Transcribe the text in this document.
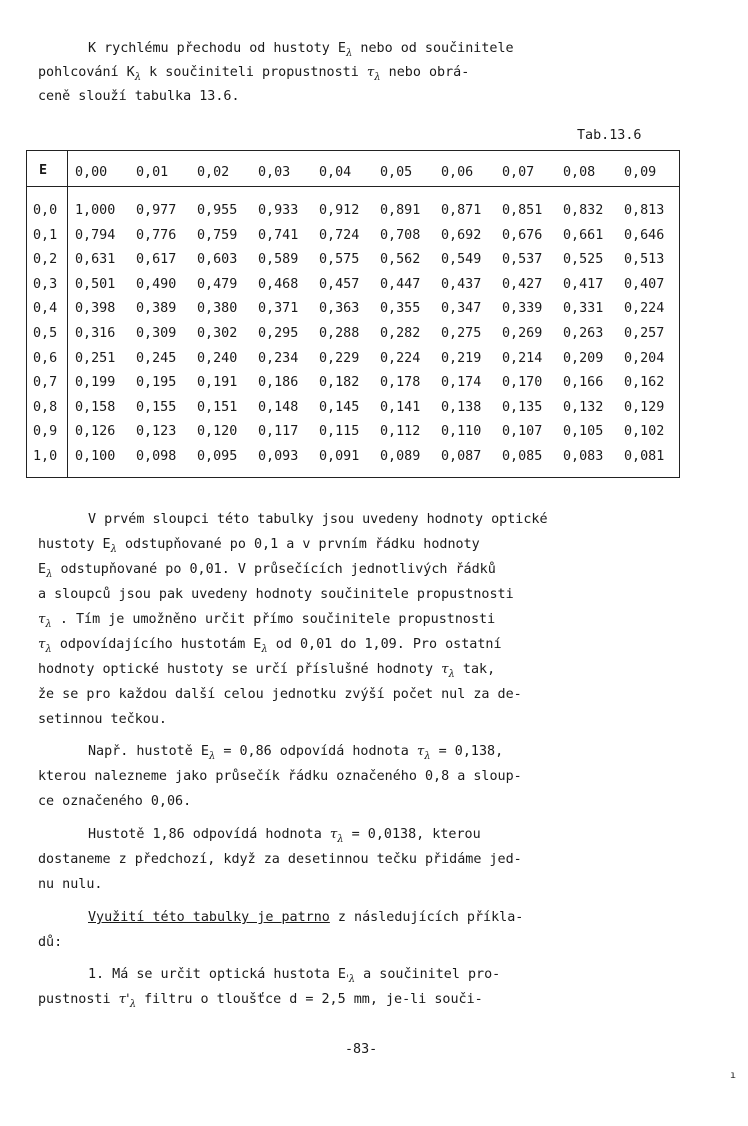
K rychlému přechodu od hustoty $E_\lambda$ nebo od součinitele
pohlcování $K_\lambda$ k součiniteli propustnosti $\tau_\lambda$ nebo obrá-
ceně slouží tabulka 13.6.
Tab.13.6
E 0,00 0,01 0,02 0,03 0,04 0,05 0,06 0,07 0,08 0,09
0,0 1,000 0,977 0,955 0,933 0,912 0,891 0,871 0,851 0,832 0,813
0,1 0,794 0,776 0,759 0,741 0,724 0,708 0,692 0,676 0,661 0,646
0,2 0,631 0,617 0,603 0,589 0,575 0,562 0,549 0,537 0,525 0,513
0,3 0,501 0,490 0,479 0,468 0,457 0,447 0,437 0,427 0,417 0,407
0,4 0,398 0,389 0,380 0,371 0,363 0,355 0,347 0,339 0,331 0,224
0,5 0,316 0,309 0,302 0,295 0,288 0,282 0,275 0,269 0,263 0,257
0,6 0,251 0,245 0,240 0,234 0,229 0,224 0,219 0,214 0,209 0,204
0,7 0,199 0,195 0,191 0,186 0,182 0,178 0,174 0,170 0,166 0,162
0,8 0,158 0,155 0,151 0,148 0,145 0,141 0,138 0,135 0,132 0,129
0,9 0,126 0,123 0,120 0,117 0,115 0,112 0,110 0,107 0,105 0,102
1,0 0,100 0,098 0,095 0,093 0,091 0,089 0,087 0,085 0,083 0,081
V prvém sloupci této tabulky jsou uvedeny hodnoty optické
hustoty $E_\lambda$ odstupňované po 0,1 a v prvním řádku hodnoty
$E_\lambda$ odstupňované po 0,01. V průsečících jednotlivých řádků
a sloupců jsou pak uvedeny hodnoty součinitele propustnosti
$\tau_\lambda$ . Tím je umožněno určit přímo součinitele propustnosti
$\tau_\lambda$ odpovídajícího hustotám $E_\lambda$ od 0,01 do 1,09. Pro ostatní
hodnoty optické hustoty se určí příslušné hodnoty $\tau_\lambda$ tak,
že se pro každou další celou jednotku zvýší počet nul za de-
setinnou tečkou.
Např. hustotě $E_\lambda = 0,86$ odpovídá hodnota $\tau_\lambda = 0,138$,
kterou nalezneme jako průsečík řádku označeného 0,8 a sloup-
ce označeného 0,06.
Hustotě 1,86 odpovídá hodnota $\tau_\lambda = 0,0138$, kterou
dostaneme z předchozí, když za desetinnou tečku přidáme jed-
nu nulu.
Využití této tabulky je patrno z následujících příkla-
dů:
1. Má se určit optická hustota $E_{'\lambda}$ a součinitel pro-
pustnosti $\tau'_\lambda$ filtru o tloušťce d = 2,5 mm, je-li souči-
-83-
ı
